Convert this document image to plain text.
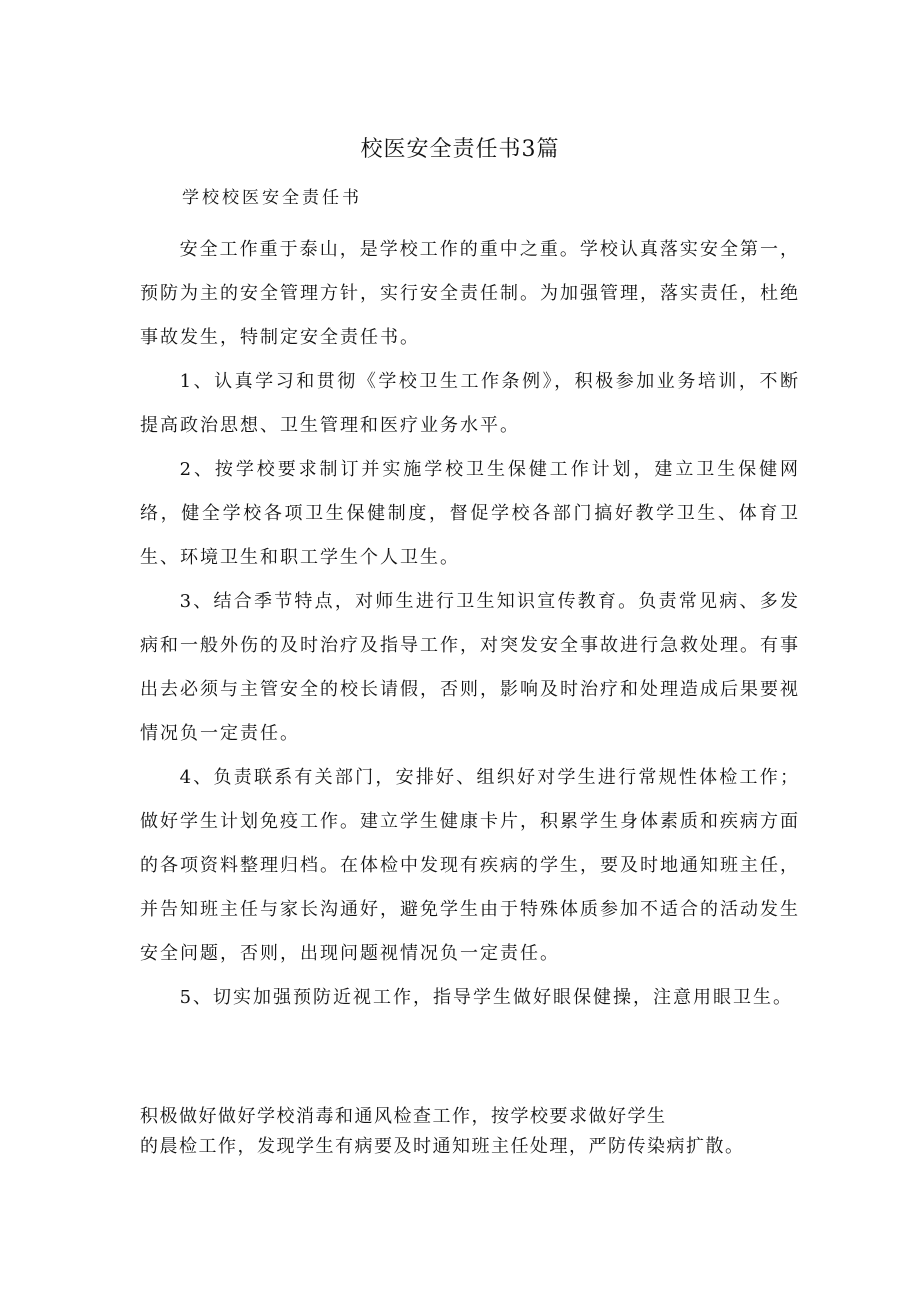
校医安全责任书3篇

学校校医安全责任书

安全工作重于泰山，是学校工作的重中之重。学校认真落实安全第一，预防为主的安全管理方针，实行安全责任制。为加强管理，落实责任，杜绝事故发生，特制定安全责任书。

1、认真学习和贯彻《学校卫生工作条例》，积极参加业务培训，不断提高政治思想、卫生管理和医疗业务水平。

2、按学校要求制订并实施学校卫生保健工作计划，建立卫生保健网络，健全学校各项卫生保健制度，督促学校各部门搞好教学卫生、体育卫生、环境卫生和职工学生个人卫生。

3、结合季节特点，对师生进行卫生知识宣传教育。负责常见病、多发病和一般外伤的及时治疗及指导工作，对突发安全事故进行急救处理。有事出去必须与主管安全的校长请假，否则，影响及时治疗和处理造成后果要视情况负一定责任。

4、负责联系有关部门，安排好、组织好对学生进行常规性体检工作；做好学生计划免疫工作。建立学生健康卡片，积累学生身体素质和疾病方面的各项资料整理归档。在体检中发现有疾病的学生，要及时地通知班主任，并告知班主任与家长沟通好，避免学生由于特殊体质参加不适合的活动发生安全问题，否则，出现问题视情况负一定责任。

5、切实加强预防近视工作，指导学生做好眼保健操，注意用眼卫生。

积极做好做好学校消毒和通风检查工作，按学校要求做好学生

的晨检工作，发现学生有病要及时通知班主任处理，严防传染病扩散。
